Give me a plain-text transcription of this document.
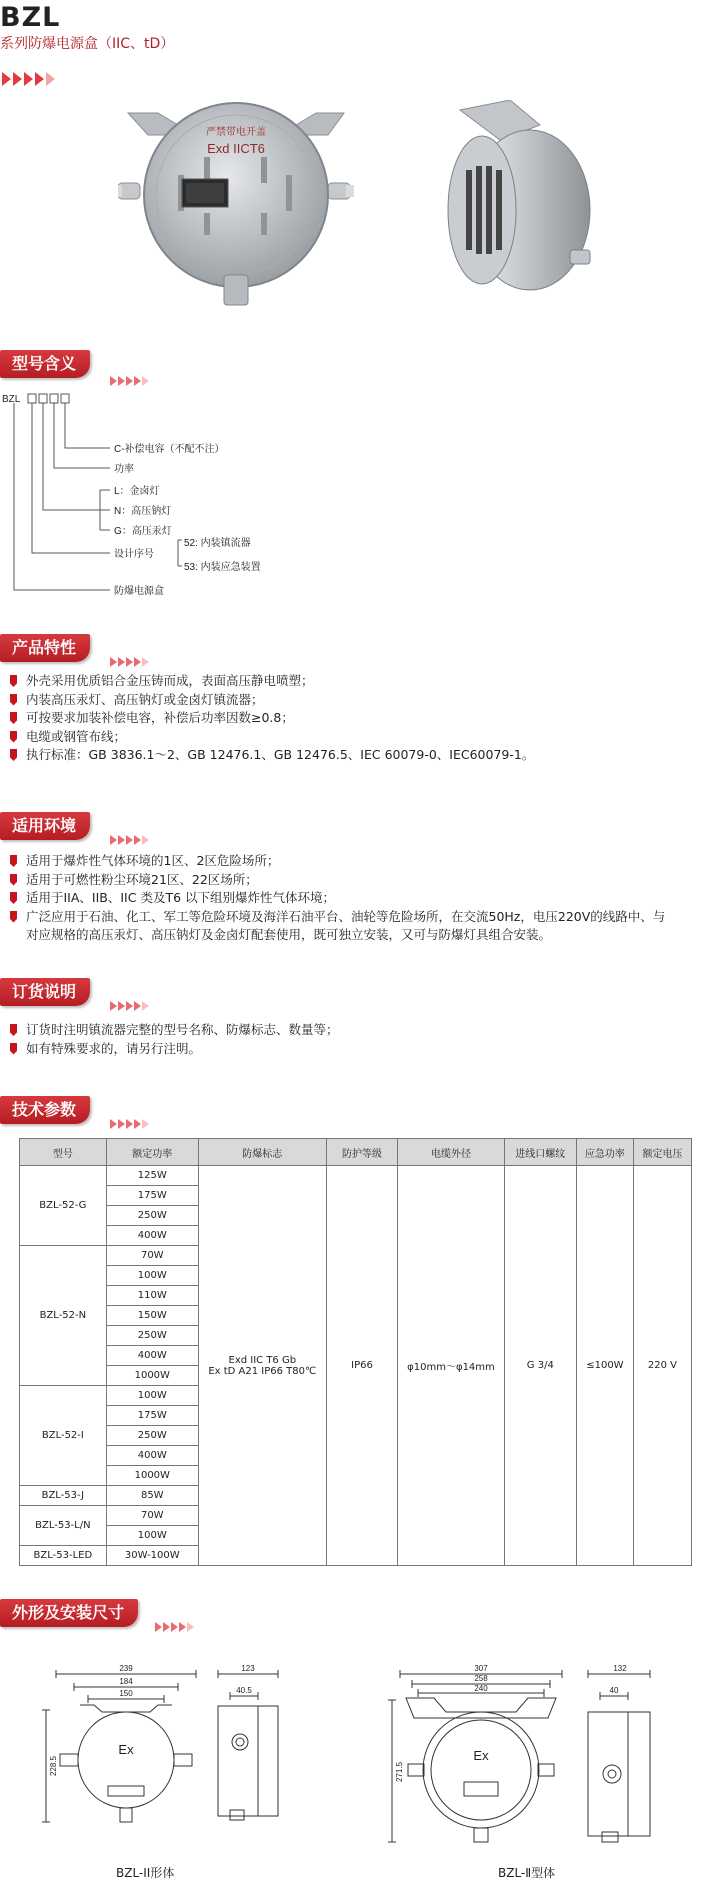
BZL
系列防爆电源盒（IIC、tD）
严禁带电开盖
Exd IICT6
型号含义
BZL
C-补偿电容（不配不注）
功率
L：金卤灯
N：高压钠灯
G：高压汞灯
设计序号
52: 内装镇流器
53: 内装应急装置
防爆电源盒
产品特性
外壳采用优质铝合金压铸而成，表面高压静电喷塑；
内装高压汞灯、高压钠灯或金卤灯镇流器；
可按要求加装补偿电容，补偿后功率因数≥0.8；
电缆或钢管布线；
执行标准：GB 3836.1～2、GB 12476.1、GB 12476.5、IEC 60079-0、IEC60079-1。
适用环境
适用于爆炸性气体环境的1区、2区危险场所；
适用于可燃性粉尘环境21区、22区场所；
适用于IIA、IIB、IIC 类及T6 以下组别爆炸性气体环境；
广泛应用于石油、化工、军工等危险环境及海洋石油平台、油轮等危险场所，在交流50Hz，电压220V的线路中、与
对应规格的高压汞灯、高压钠灯及金卤灯配套使用，既可独立安装，又可与防爆灯具组合安装。
订货说明
订货时注明镇流器完整的型号名称、防爆标志、数量等；
如有特殊要求的，请另行注明。
技术参数
型号	额定功率	防爆标志	防护等级	电缆外径	进线口螺纹	应急功率	额定电压
BZL-52-G	125W	Exd IIC T6 Gb
Ex tD A21 IP66 T80℃	IP66	φ10mm～φ14mm	G 3/4	≤100W	220 V
	175W						
	250W						
	400W						
BZL-52-N	70W						
	100W						
	110W						
	150W						
	250W						
	400W						
	1000W						
BZL-52-I	100W						
	175W						
	250W						
	400W						
	1000W						
BZL-53-J	85W						
BZL-53-L/N	70W						
	100W						
BZL-53-LED	30W-100W						
外形及安装尺寸
239
184
150
123
40.5
228.5
Ex
BZL-II形体
307
258
240
132
40
271.5
Ex
BZL-Ⅱ型体
